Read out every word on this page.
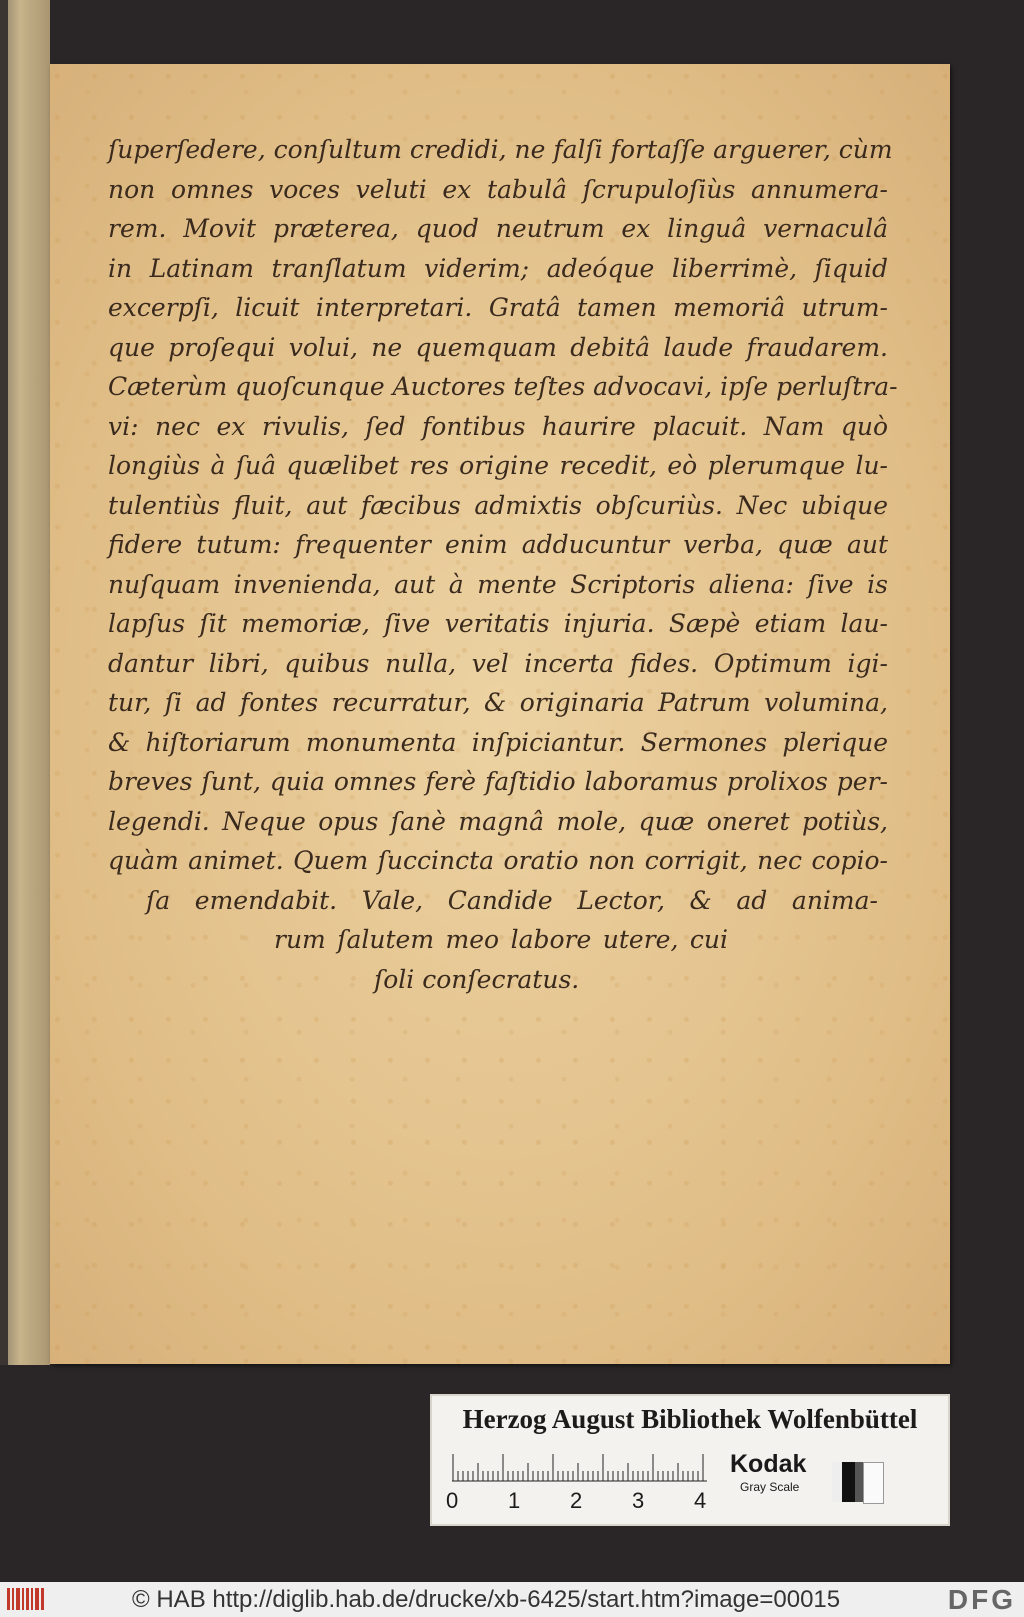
ſuperſedere, conſultum credidi, ne falſi fortaſſe arguerer, cùm
non omnes voces veluti ex tabulâ ſcrupuloſiùs annumera-
rem. Movit præterea, quod neutrum ex linguâ vernaculâ
in Latinam tranſlatum viderim; adeóque liberrimè, ſiquid
excerpſi, licuit interpretari. Gratâ tamen memoriâ utrum-
que proſequi volui, ne quemquam debitâ laude fraudarem.
Cæterùm quoſcunque Auctores teſtes advocavi, ipſe perluſtra-
vi: nec ex rivulis, ſed fontibus haurire placuit. Nam quò
longiùs à ſuâ quælibet res origine recedit, eò plerumque lu-
tulentiùs fluit, aut fæcibus admixtis obſcuriùs. Nec ubique
fidere tutum: frequenter enim adducuntur verba, quæ aut
nuſquam invenienda, aut à mente Scriptoris aliena: ſive is
lapſus ſit memoriæ, ſive veritatis injuria. Sæpè etiam lau-
dantur libri, quibus nulla, vel incerta fides. Optimum igi-
tur, ſi ad fontes recurratur, & originaria Patrum volumina,
& hiſtoriarum monumenta inſpiciantur. Sermones plerique
breves ſunt, quia omnes ferè faſtidio laboramus prolixos per-
legendi. Neque opus ſanè magnâ mole, quæ oneret potiùs,
quàm animet. Quem ſuccincta oratio non corrigit, nec copio-
ſa emendabit. Vale, Candide Lector, & ad anima-
rum ſalutem meo labore utere, cui
ſoli conſecratus.
Herzog August Bibliothek Wolfenbüttel
0 1 2 3 4
Kodak
Gray Scale
© HAB http://diglib.hab.de/drucke/xb-6425/start.htm?image=00015	DFG
